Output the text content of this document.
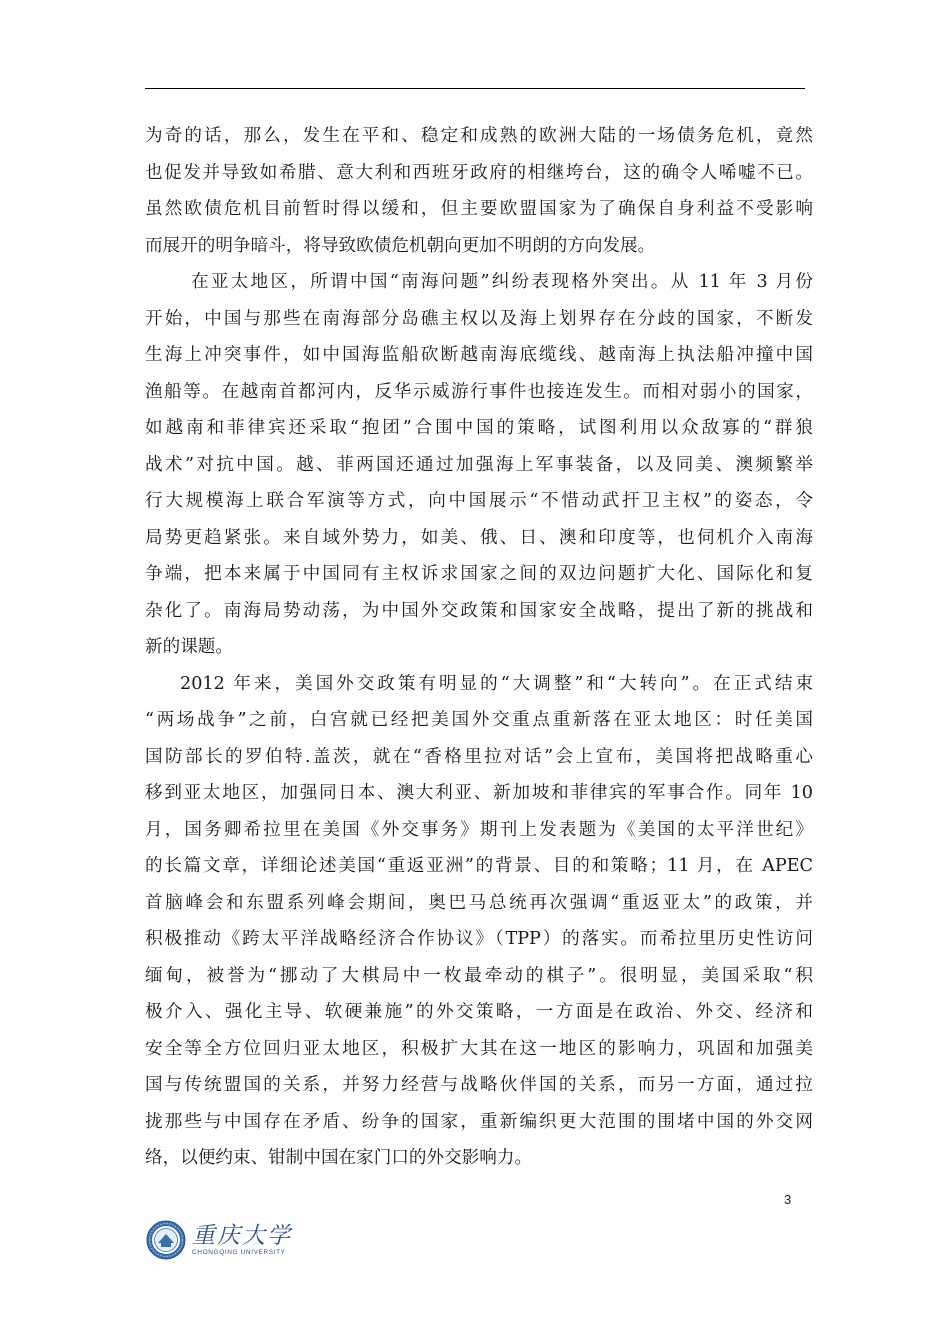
为奇的话，那么，发生在平和、稳定和成熟的欧洲大陆的一场债务危机，竟然
也促发并导致如希腊、意大利和西班牙政府的相继垮台，这的确令人唏嘘不已。
虽然欧债危机目前暂时得以缓和，但主要欧盟国家为了确保自身利益不受影响
而展开的明争暗斗，将导致欧债危机朝向更加不明朗的方向发展。
在亚太地区，所谓中国“南海问题”纠纷表现格外突出。从 11 年 3 月份
开始，中国与那些在南海部分岛礁主权以及海上划界存在分歧的国家，不断发
生海上冲突事件，如中国海监船砍断越南海底缆线、越南海上执法船冲撞中国
渔船等。在越南首都河内，反华示威游行事件也接连发生。而相对弱小的国家，
如越南和菲律宾还采取“抱团”合围中国的策略，试图利用以众敌寡的“群狼
战术”对抗中国。越、菲两国还通过加强海上军事装备，以及同美、澳频繁举
行大规模海上联合军演等方式，向中国展示“不惜动武扞卫主权”的姿态，令
局势更趋紧张。来自域外势力，如美、俄、日、澳和印度等，也伺机介入南海
争端，把本来属于中国同有主权诉求国家之间的双边问题扩大化、国际化和复
杂化了。南海局势动荡，为中国外交政策和国家安全战略，提出了新的挑战和
新的课题。
2012 年来，美国外交政策有明显的“大调整”和“大转向”。在正式结束
“两场战争”之前，白宫就已经把美国外交重点重新落在亚太地区：时任美国
国防部长的罗伯特.盖茨，就在“香格里拉对话”会上宣布，美国将把战略重心
移到亚太地区，加强同日本、澳大利亚、新加坡和菲律宾的军事合作。同年 10
月，国务卿希拉里在美国《外交事务》期刊上发表题为《美国的太平洋世纪》
的长篇文章，详细论述美国“重返亚洲”的背景、目的和策略；11 月，在 APEC
首脑峰会和东盟系列峰会期间，奥巴马总统再次强调“重返亚太”的政策，并
积极推动《跨太平洋战略经济合作协议》（TPP）的落实。而希拉里历史性访问
缅甸，被誉为“挪动了大棋局中一枚最牵动的棋子”。很明显，美国采取“积
极介入、强化主导、软硬兼施”的外交策略，一方面是在政治、外交、经济和
安全等全方位回归亚太地区，积极扩大其在这一地区的影响力，巩固和加强美
国与传统盟国的关系，并努力经营与战略伙伴国的关系，而另一方面，通过拉
拢那些与中国存在矛盾、纷争的国家，重新编织更大范围的围堵中国的外交网
络，以便约束、钳制中国在家门口的外交影响力。
3
重庆大学
CHONGQING UNIVERSITY
